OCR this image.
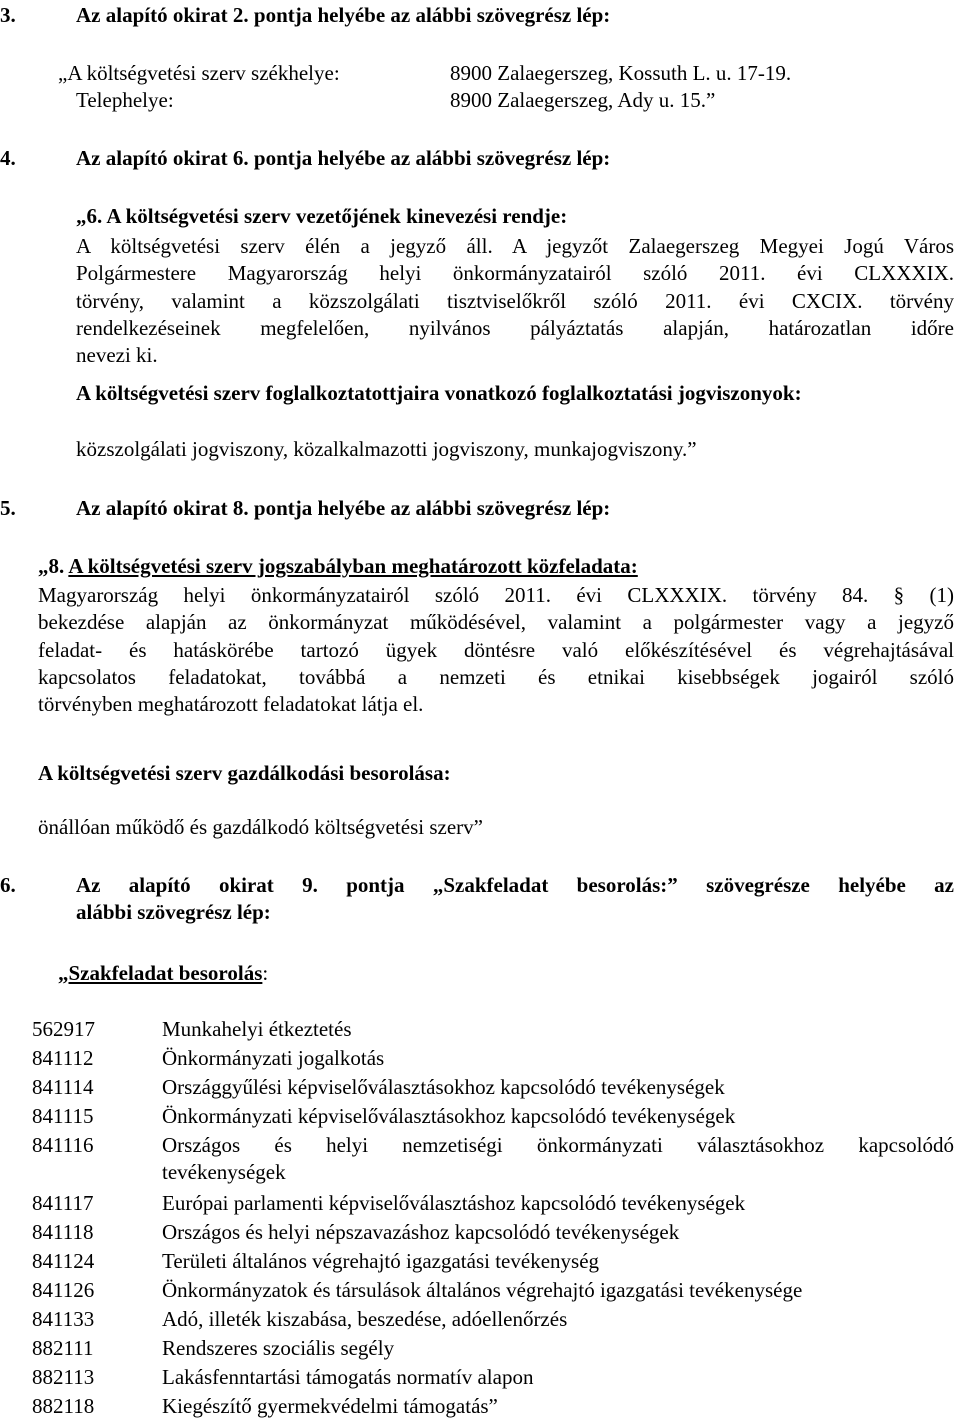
3.	Az alapító okirat 2. pontja helyébe az alábbi szövegrész lép:
„A költségvetési szerv székhelye:	8900 Zalaegerszeg, Kossuth L. u. 17-19.
Telephelye:	8900 Zalaegerszeg, Ady u. 15.”
4.	Az alapító okirat 6. pontja helyébe az alábbi szövegrész lép:
„6. A költségvetési szerv vezetőjének kinevezési rendje:
A költségvetési szerv élén a jegyző áll. A jegyzőt Zalaegerszeg Megyei Jogú Város
Polgármestere Magyarország helyi önkormányzatairól szóló 2011. évi CLXXXIX.
törvény, valamint a közszolgálati tisztviselőkről szóló 2011. évi CXCIX. törvény
rendelkezéseinek megfelelően, nyilvános pályáztatás alapján, határozatlan időre
nevezi ki.
A költségvetési szerv foglalkoztatottjaira vonatkozó foglalkoztatási jogviszonyok:
közszolgálati jogviszony, közalkalmazotti jogviszony, munkajogviszony.”
5.	Az alapító okirat 8. pontja helyébe az alábbi szövegrész lép:
„8. A költségvetési szerv jogszabályban meghatározott közfeladata:
Magyarország helyi önkormányzatairól szóló 2011. évi CLXXXIX. törvény 84. § (1)
bekezdése alapján az önkormányzat működésével, valamint a polgármester vagy a jegyző
feladat- és hatáskörébe tartozó ügyek döntésre való előkészítésével és végrehajtásával
kapcsolatos feladatokat, továbbá a nemzeti és etnikai kisebbségek jogairól szóló
törvényben meghatározott feladatokat látja el.
A költségvetési szerv gazdálkodási besorolása:
önállóan működő és gazdálkodó költségvetési szerv”
6.	Az alapító okirat 9. pontja „Szakfeladat besorolás:” szövegrésze helyébe az
alábbi szövegrész lép:
„Szakfeladat besorolás:
562917	Munkahelyi étkeztetés
841112	Önkormányzati jogalkotás
841114	Országgyűlési képviselőválasztásokhoz kapcsolódó tevékenységek
841115	Önkormányzati képviselőválasztásokhoz kapcsolódó tevékenységek
841116	Országos és helyi nemzetiségi önkormányzati választásokhoz kapcsolódó
tevékenységek
841117	Európai parlamenti képviselőválasztáshoz kapcsolódó tevékenységek
841118	Országos és helyi népszavazáshoz kapcsolódó tevékenységek
841124	Területi általános végrehajtó igazgatási tevékenység
841126	Önkormányzatok és társulások általános végrehajtó igazgatási tevékenysége
841133	Adó, illeték kiszabása, beszedése, adóellenőrzés
882111	Rendszeres szociális segély
882113	Lakásfenntartási támogatás normatív alapon
882118	Kiegészítő gyermekvédelmi támogatás”
